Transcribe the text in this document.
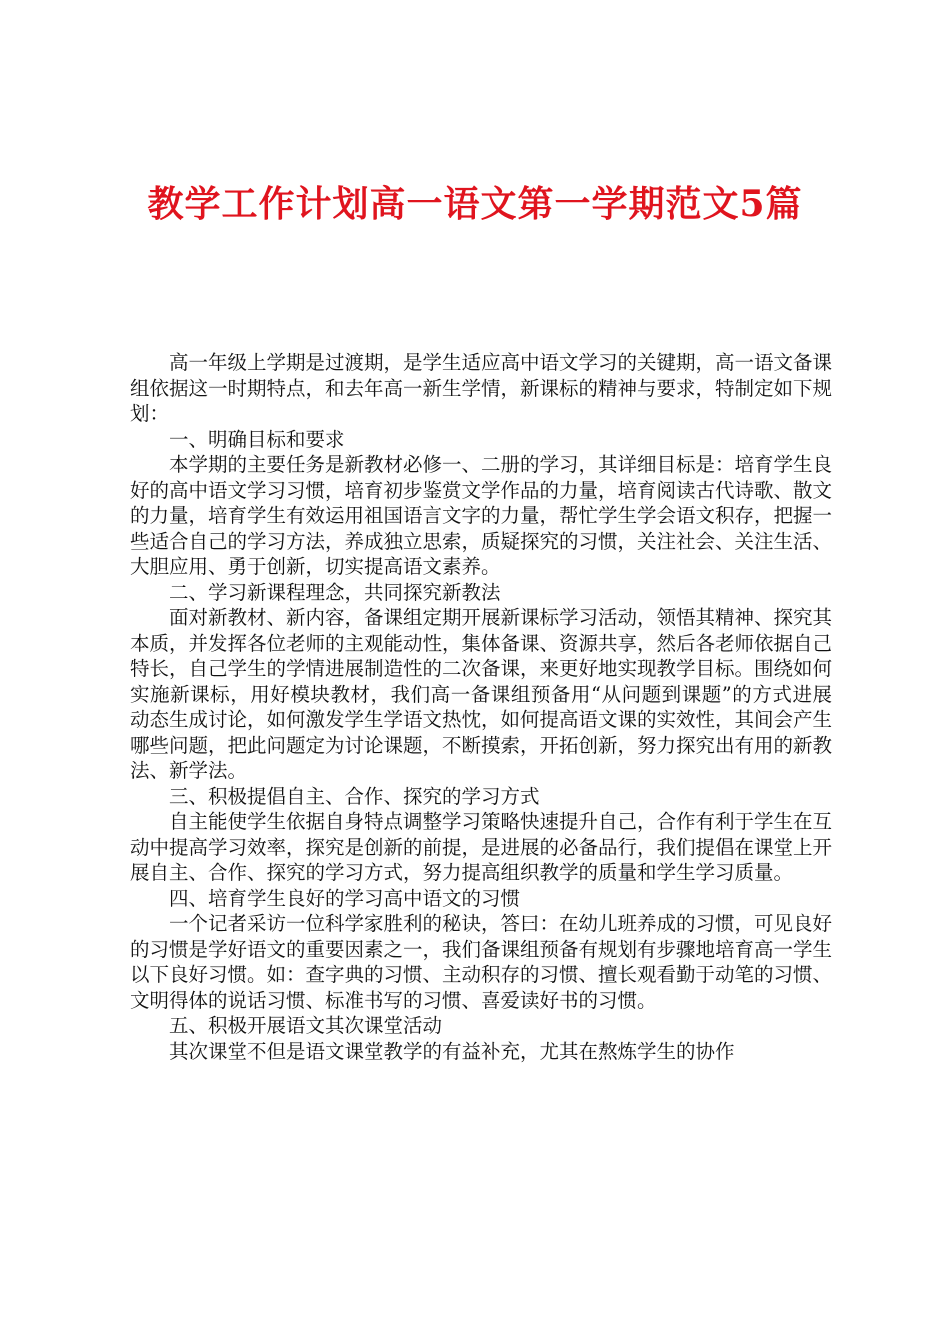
教学工作计划高一语文第一学期范文5篇

高一年级上学期是过渡期，是学生适应高中语文学习的关键期，高一语文备课组依据这一时期特点，和去年高一新生学情，新课标的精神与要求，特制定如下规划：

一、明确目标和要求

本学期的主要任务是新教材必修一、二册的学习，其详细目标是：培育学生良好的高中语文学习习惯，培育初步鉴赏文学作品的力量，培育阅读古代诗歌、散文的力量，培育学生有效运用祖国语言文字的力量，帮忙学生学会语文积存，把握一些适合自己的学习方法，养成独立思索，质疑探究的习惯，关注社会、关注生活、大胆应用、勇于创新，切实提高语文素养。

二、学习新课程理念，共同探究新教法

面对新教材、新内容，备课组定期开展新课标学习活动，领悟其精神、探究其本质，并发挥各位老师的主观能动性，集体备课、资源共享，然后各老师依据自己特长，自己学生的学情进展制造性的二次备课，来更好地实现教学目标。围绕如何实施新课标，用好模块教材，我们高一备课组预备用“从问题到课题”的方式进展动态生成讨论，如何激发学生学语文热忱，如何提高语文课的实效性，其间会产生哪些问题，把此问题定为讨论课题，不断摸索，开拓创新，努力探究出有用的新教法、新学法。

三、积极提倡自主、合作、探究的学习方式

自主能使学生依据自身特点调整学习策略快速提升自己，合作有利于学生在互动中提高学习效率，探究是创新的前提，是进展的必备品行，我们提倡在课堂上开展自主、合作、探究的学习方式，努力提高组织教学的质量和学生学习质量。

四、培育学生良好的学习高中语文的习惯

一个记者采访一位科学家胜利的秘诀，答曰：在幼儿班养成的习惯，可见良好的习惯是学好语文的重要因素之一，我们备课组预备有规划有步骤地培育高一学生以下良好习惯。如：查字典的习惯、主动积存的习惯、擅长观看勤于动笔的习惯、文明得体的说话习惯、标准书写的习惯、喜爱读好书的习惯。

五、积极开展语文其次课堂活动

其次课堂不但是语文课堂教学的有益补充，尤其在熬炼学生的协作
